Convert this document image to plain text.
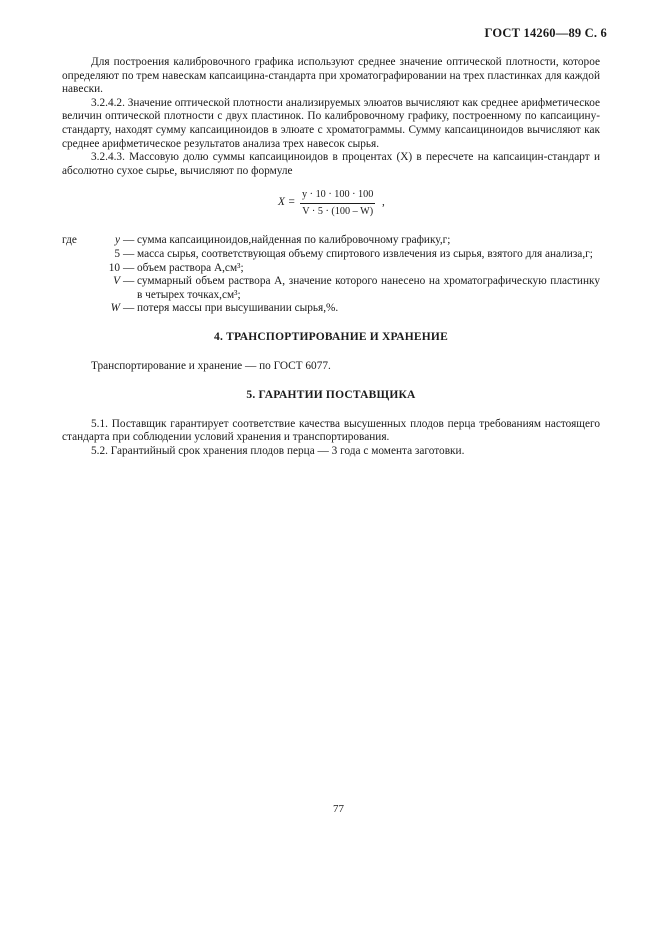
ГОСТ 14260—89 С. 6

Для построения калибровочного графика используют среднее значение оптической плотности, которое определяют по трем навескам капсаицина-стандарта при хроматографировании на трех пластинках для каждой навески.

3.2.4.2. Значение оптической плотности анализируемых элюатов вычисляют как среднее арифметическое величин оптической плотности с двух пластинок. По калибровочному графику, построенному по капсаицину-стандарту, находят сумму капсаициноидов в элюате с хроматограммы. Сумму капсаициноидов вычисляют как среднее арифметическое результатов анализа трех навесок сырья.

3.2.4.3. Массовую долю суммы капсаициноидов в процентах (X) в пересчете на капсаицин-стандарт и абсолютно сухое сырье, вычисляют по формуле

$X = \frac{y \cdot 10 \cdot 100 \cdot 100}{V \cdot 5 \cdot (100 - W)}$ ,
где	y — сумма капсаициноидов,найденная по калибровочному графику,г;
5 — масса сырья, соответствующая объему спиртового извлечения из сырья, взятого для анализа,г;
10 — объем раствора А,см³;
V — суммарный объем раствора А, значение которого нанесено на хроматографическую пластинку в четырех точках,см³;
W — потеря массы при высушивании сырья,%.

4. ТРАНСПОРТИРОВАНИЕ И ХРАНЕНИЕ

Транспортирование и хранение — по ГОСТ 6077.

5. ГАРАНТИИ ПОСТАВЩИКА

5.1. Поставщик гарантирует соответствие качества высушенных плодов перца требованиям настоящего стандарта при соблюдении условий хранения и транспортирования.

5.2. Гарантийный срок хранения плодов перца — 3 года с момента заготовки.

77
